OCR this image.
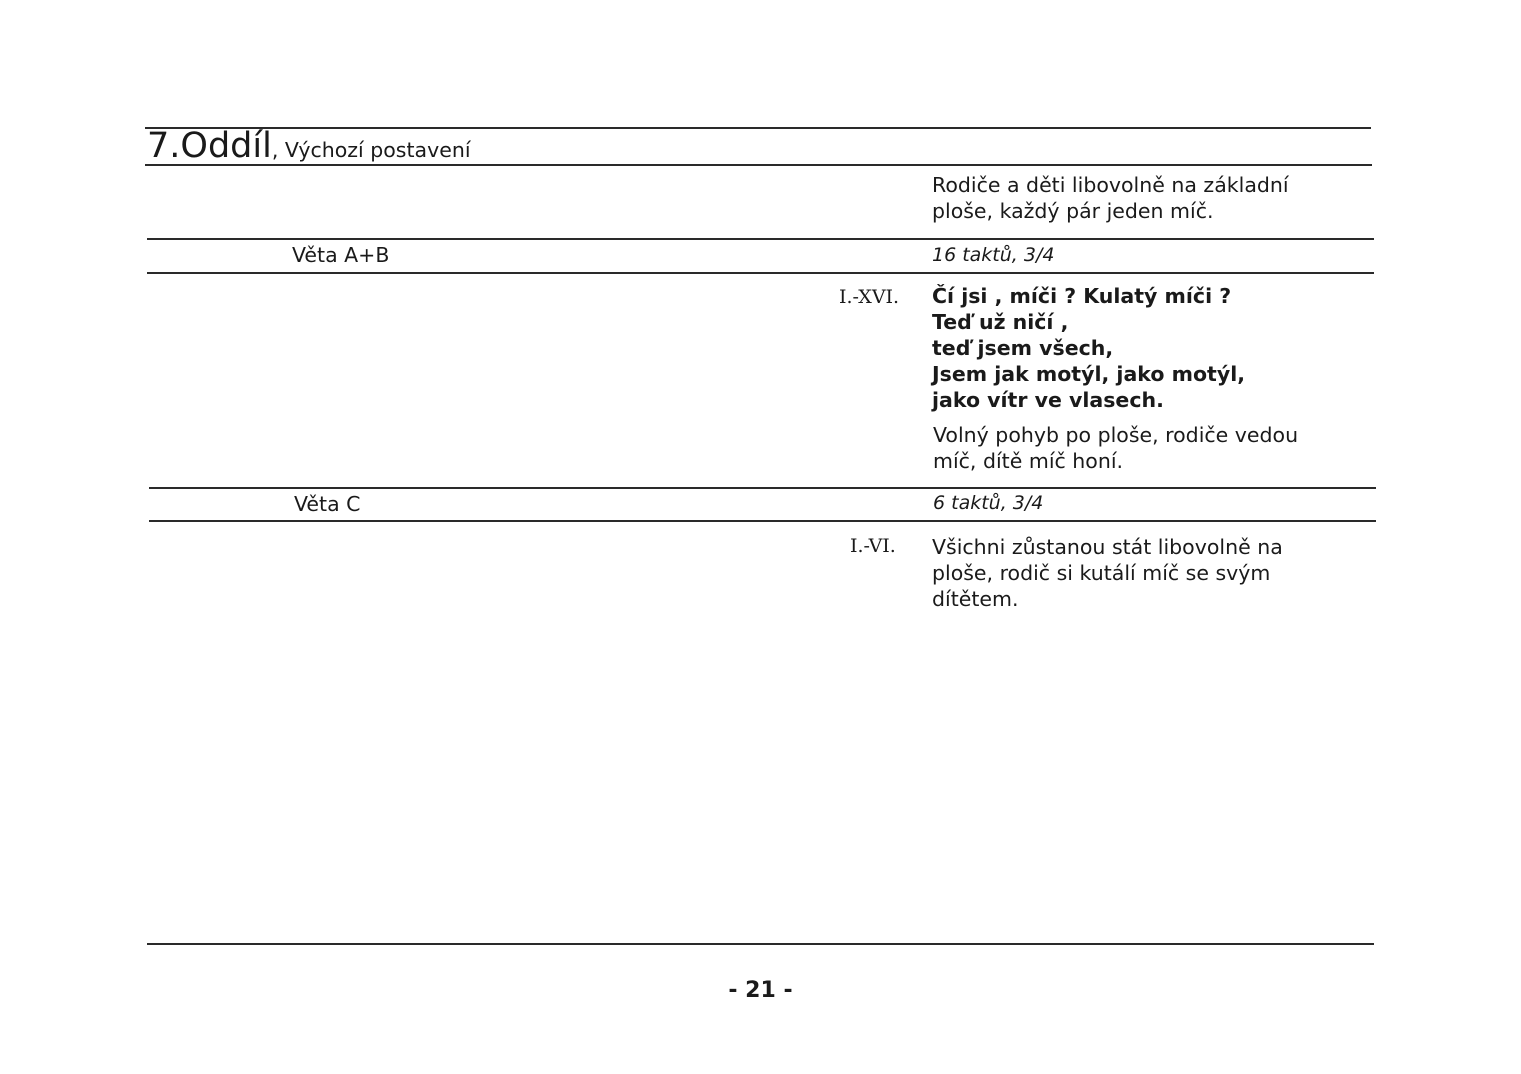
7.Oddíl, Výchozí postavení
Rodiče a děti libovolně na základní
ploše, každý pár jeden míč.
Věta A+B	16 taktů, 3/4
I.-XVI. Čí jsi , míči ? Kulatý míči ?
Teď už ničí ,
teď jsem všech,
Jsem jak motýl, jako motýl,
jako vítr ve vlasech.
Volný pohyb po ploše, rodiče vedou
míč, dítě míč honí.
Věta C	6 taktů, 3/4
I.-VI. Všichni zůstanou stát libovolně na
ploše, rodič si kutálí míč se svým
dítětem.
- 21 -
